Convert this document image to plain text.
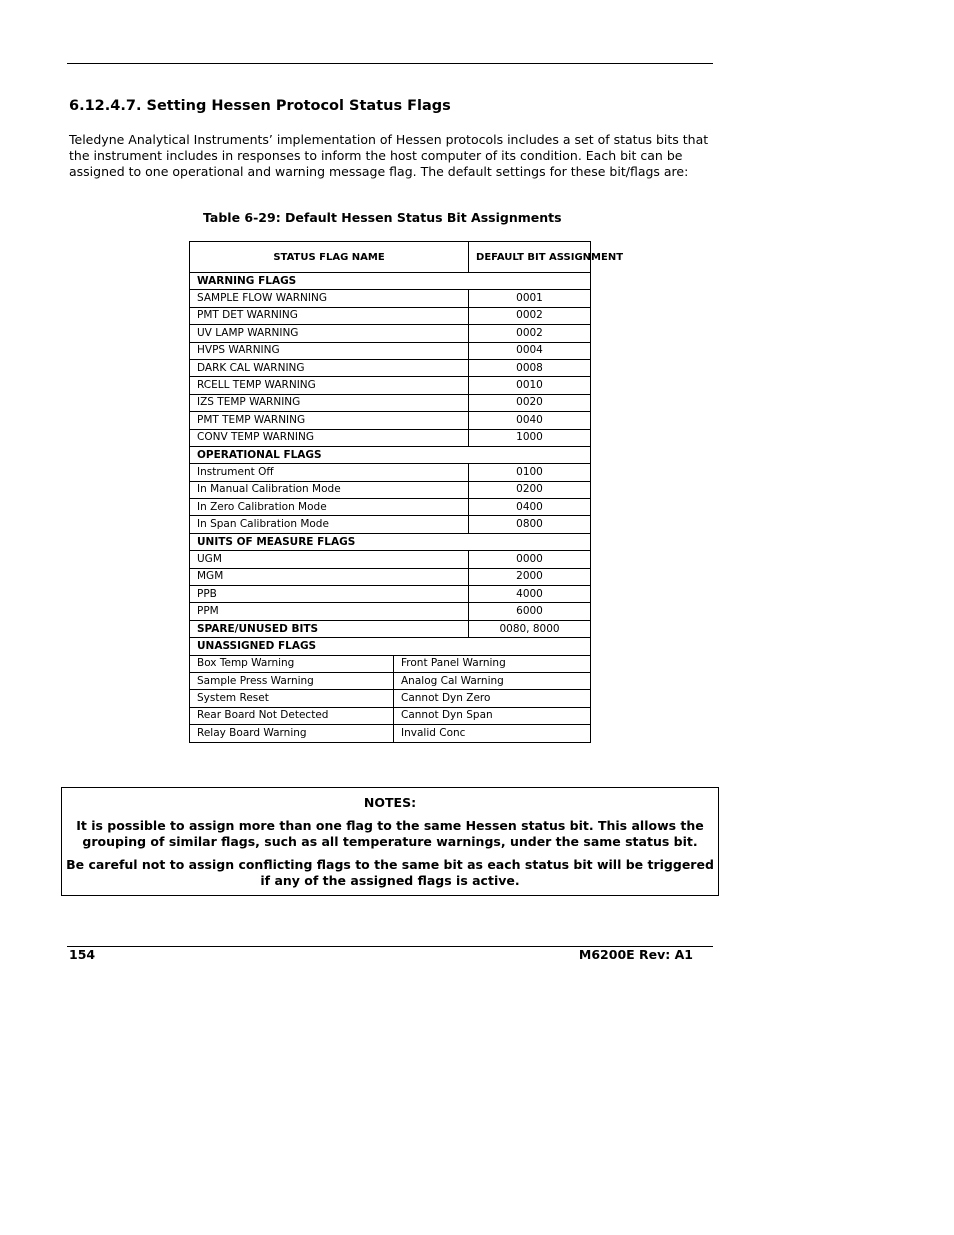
6.12.4.7. Setting Hessen Protocol Status Flags

Teledyne Analytical Instruments’ implementation of Hessen protocols includes a set of status bits that the instrument includes in responses to inform the host computer of its condition. Each bit can be assigned to one operational and warning message flag. The default settings for these bit/flags are:

Table 6-29: Default Hessen Status Bit Assignments
STATUS FLAG NAME		DEFAULT BIT ASSIGNMENT
WARNING FLAGS		
SAMPLE FLOW WARNING		0001
PMT DET WARNING		0002
UV LAMP WARNING		0002
HVPS WARNING		0004
DARK CAL WARNING		0008
RCELL TEMP WARNING		0010
IZS TEMP WARNING		0020
PMT TEMP WARNING		0040
CONV TEMP WARNING		1000
OPERATIONAL FLAGS		
Instrument Off		0100
In Manual Calibration Mode		0200
In Zero Calibration Mode		0400
In Span Calibration Mode		0800
UNITS OF MEASURE FLAGS		
UGM		0000
MGM		2000
PPB		4000
PPM		6000
SPARE/UNUSED BITS		0080, 8000
UNASSIGNED FLAGS		
Box Temp Warning	Front Panel Warning	
Sample Press Warning	Analog Cal Warning	
System Reset	Cannot Dyn Zero	
Rear Board Not Detected	Cannot Dyn Span	
Relay Board Warning	Invalid Conc	
NOTES:
It is possible to assign more than one flag to the same Hessen status bit. This allows the grouping of similar flags, such as all temperature warnings, under the same status bit.
Be careful not to assign conflicting flags to the same bit as each status bit will be triggered if any of the assigned flags is active.
154	M6200E Rev: A1
